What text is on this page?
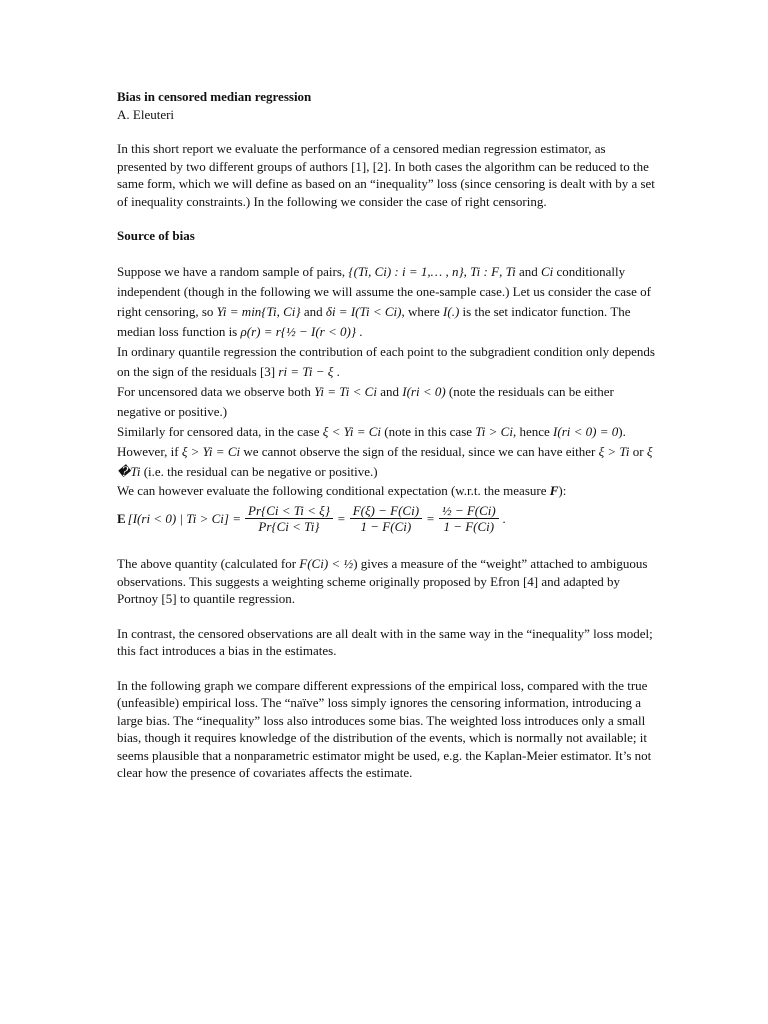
Bias in censored median regression

A. Eleuteri

In this short report we evaluate the performance of a censored median regression estimator, as presented by two different groups of authors [1], [2]. In both cases the algorithm can be reduced to the same form, which we will define as based on an “inequality” loss (since censoring is dealt with by a set of inequality constraints.) In the following we consider the case of right censoring.

Source of bias

Suppose we have a random sample of pairs, {(Ti, Ci) : i = 1,… , n}, Ti : F, Ti and Ci conditionally independent (though in the following we will assume the one-sample case.) Let us consider the case of right censoring, so Yi = min{Ti, Ci} and δi = I(Ti < Ci), where I(.) is the set indicator function. The median loss function is ρ(r) = r{½ − I(r < 0)} .

In ordinary quantile regression the contribution of each point to the subgradient condition only depends on the sign of the residuals [3] ri = Ti − ξ .

For uncensored data we observe both Yi = Ti < Ci and I(ri < 0) (note the residuals can be either negative or positive.)

Similarly for censored data, in the case ξ < Yi = Ci (note in this case Ti > Ci, hence I(ri < 0) = 0). However, if ξ > Yi = Ci we cannot observe the sign of the residual, since we can have either ξ > Ti or ξ �Ti (i.e. the residual can be negative or positive.)

We can however evaluate the following conditional expectation (w.r.t. the measure F):

E [I(ri < 0) | $Ti > Ci] = \frac{Pr\{Ci < Ti < \xi\}}{Pr\{Ci < Ti\}} = \frac{F(\xi) - F(Ci)}{1 - F(Ci)} = \frac{\text{½ − F(Ci)}}{1 - F(Ci)}$ .

The above quantity (calculated for F(Ci) < ½) gives a measure of the “weight” attached to ambiguous observations. This suggests a weighting scheme originally proposed by Efron [4] and adapted by Portnoy [5] to quantile regression.

In contrast, the censored observations are all dealt with in the same way in the “inequality” loss model; this fact introduces a bias in the estimates.

In the following graph we compare different expressions of the empirical loss, compared with the true (unfeasible) empirical loss. The “naïve” loss simply ignores the censoring information, introducing a large bias. The “inequality” loss also introduces some bias. The weighted loss introduces only a small bias, though it requires knowledge of the distribution of the events, which is normally not available; it seems plausible that a nonparametric estimator might be used, e.g. the Kaplan-Meier estimator. It’s not clear how the presence of covariates affects the estimate.
